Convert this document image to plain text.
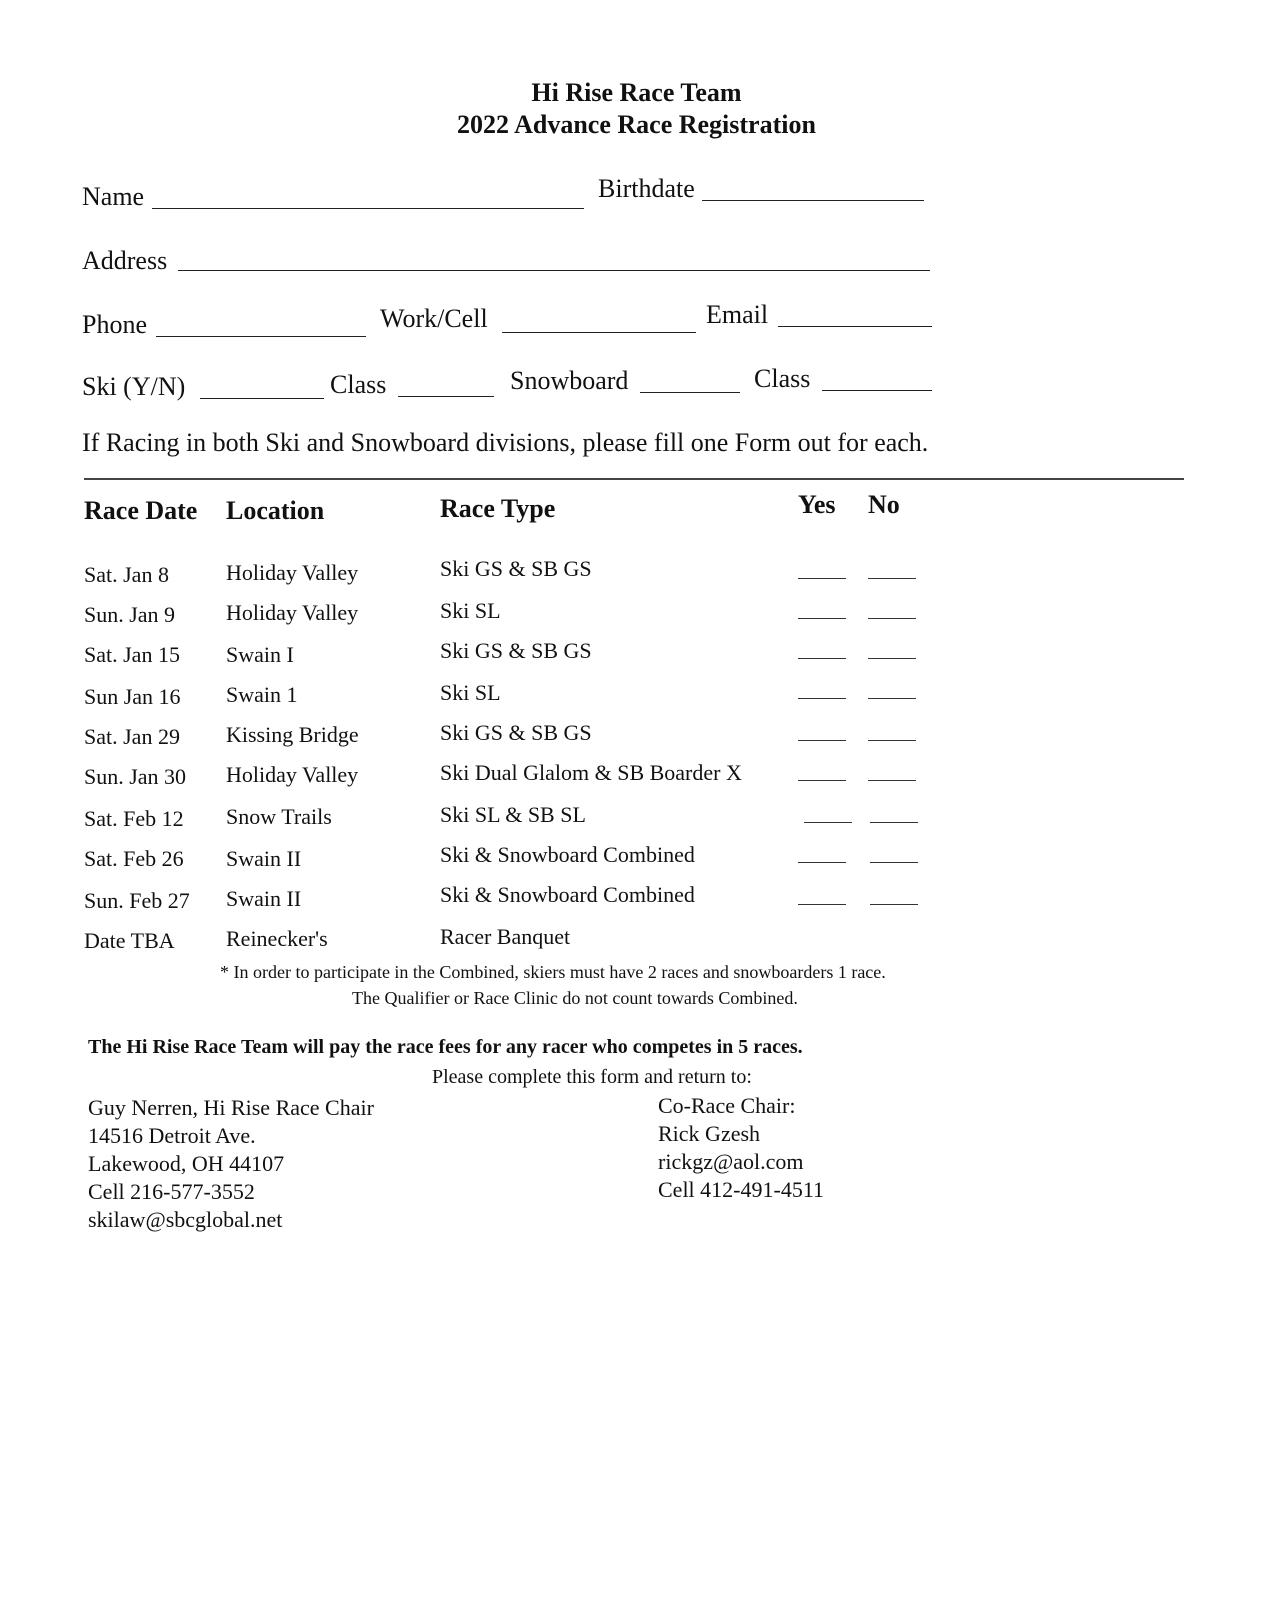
Hi Rise Race Team
2022 Advance Race Registration
Name	Birthdate
Address
Phone	Work/Cell	Email
Ski (Y/N)	Class	Snowboard	Class
If Racing in both Ski and Snowboard divisions, please fill one Form out for each.
Race Date Location	Race Type	Yes No
Sat. Jan 8	Holiday Valley	Ski GS & SB GS
Sun. Jan 9 Holiday Valley	Ski SL
Sat. Jan 15 Swain I	Ski GS & SB GS
Sun Jan 16 Swain 1	Ski SL
Sat. Jan 29 Kissing Bridge	Ski GS & SB GS
Sun. Jan 30 Holiday Valley	Ski Dual Glalom & SB Boarder X
Sat. Feb 12 Snow Trails	Ski SL & SB SL
Sat. Feb 26 Swain II	Ski & Snowboard Combined
Sun. Feb 27 Swain II	Ski & Snowboard Combined
Date TBA Reinecker's	Racer Banquet
* In order to participate in the Combined, skiers must have 2 races and snowboarders 1 race.
The Qualifier or Race Clinic do not count towards Combined.
The Hi Rise Race Team will pay the race fees for any racer who competes in 5 races.
Please complete this form and return to:
Guy Nerren, Hi Rise Race Chair
14516 Detroit Ave.
Lakewood, OH 44107
Cell 216-577-3552
skilaw@sbcglobal.net
Co-Race Chair:
Rick Gzesh
rickgz@aol.com
Cell 412-491-4511
